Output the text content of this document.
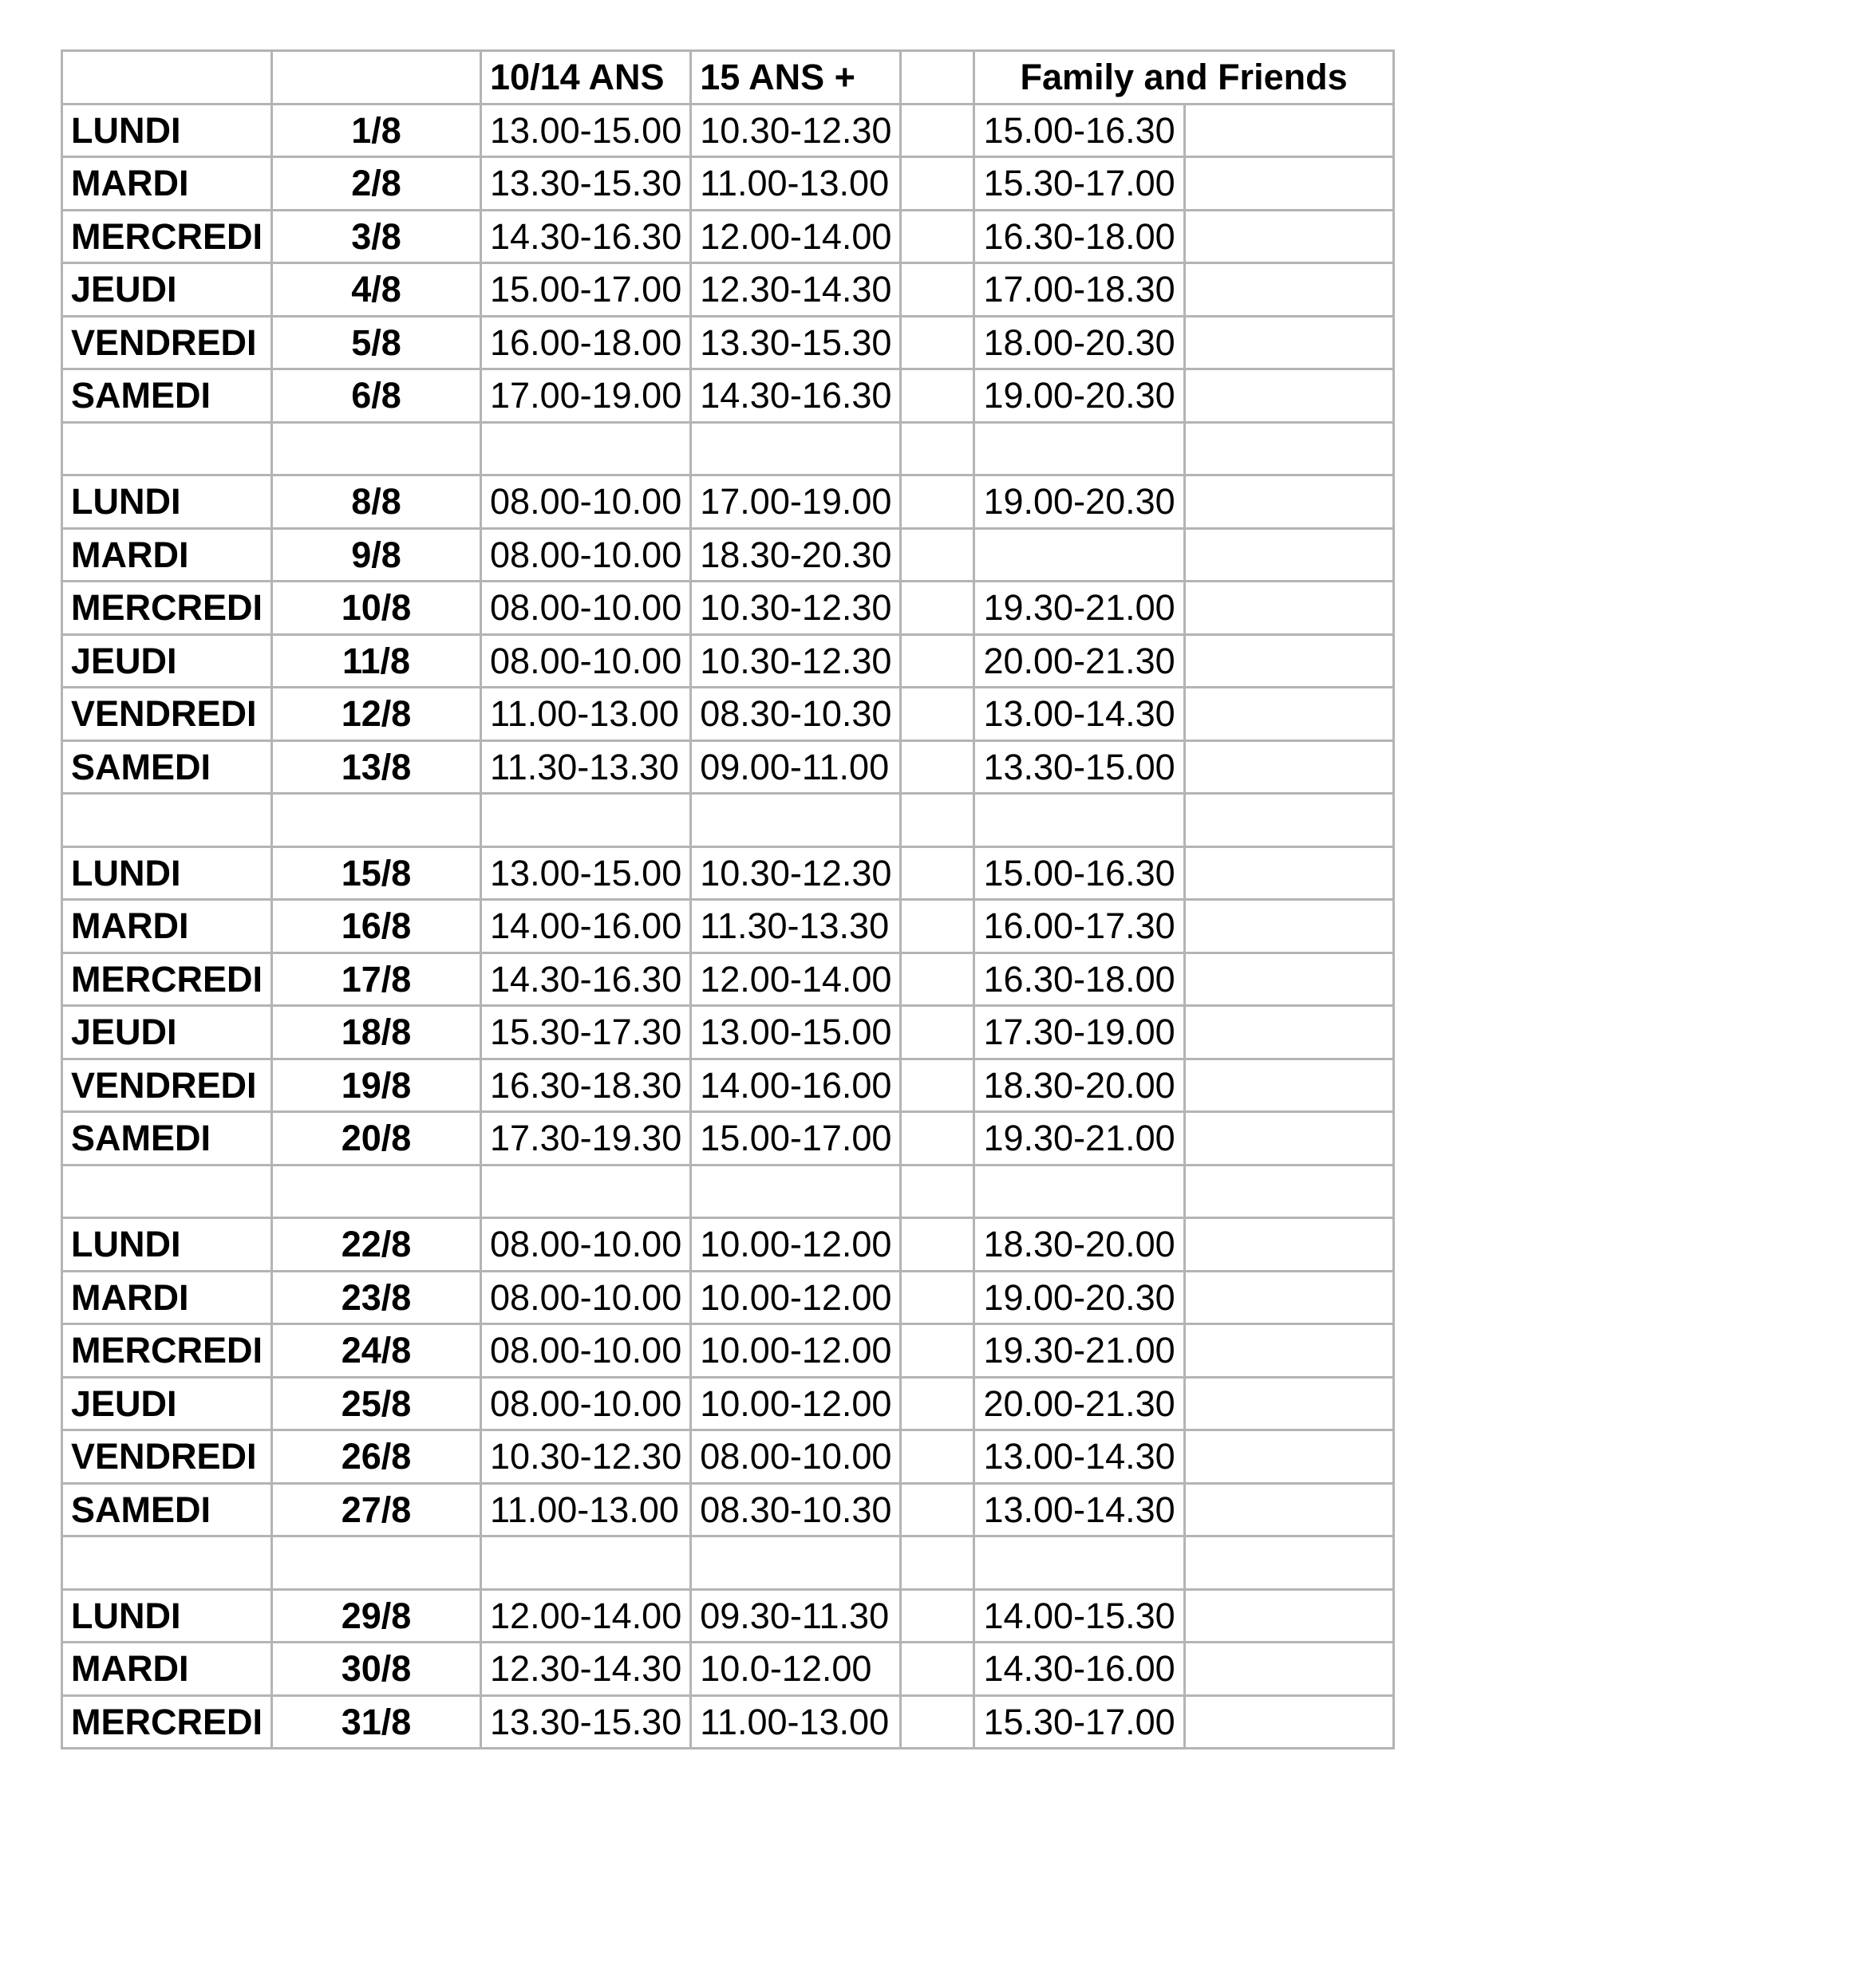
		10/14 ANS	15 ANS +		Family and Friends	
LUNDI	1/8	13.00-15.00	10.30-12.30		15.00-16.30	
MARDI	2/8	13.30-15.30	11.00-13.00		15.30-17.00	
MERCREDI	3/8	14.30-16.30	12.00-14.00		16.30-18.00	
JEUDI	4/8	15.00-17.00	12.30-14.30		17.00-18.30	
VENDREDI	5/8	16.00-18.00	13.30-15.30		18.00-20.30	
SAMEDI	6/8	17.00-19.00	14.30-16.30		19.00-20.30	

LUNDI	8/8	08.00-10.00	17.00-19.00		19.00-20.30	
MARDI	9/8	08.00-10.00	18.30-20.30			
MERCREDI	10/8	08.00-10.00	10.30-12.30		19.30-21.00	
JEUDI	11/8	08.00-10.00	10.30-12.30		20.00-21.30	
VENDREDI	12/8	11.00-13.00	08.30-10.30		13.00-14.30	
SAMEDI	13/8	11.30-13.30	09.00-11.00		13.30-15.00	

LUNDI	15/8	13.00-15.00	10.30-12.30		15.00-16.30	
MARDI	16/8	14.00-16.00	11.30-13.30		16.00-17.30	
MERCREDI	17/8	14.30-16.30	12.00-14.00		16.30-18.00	
JEUDI	18/8	15.30-17.30	13.00-15.00		17.30-19.00	
VENDREDI	19/8	16.30-18.30	14.00-16.00		18.30-20.00	
SAMEDI	20/8	17.30-19.30	15.00-17.00		19.30-21.00	

LUNDI	22/8	08.00-10.00	10.00-12.00		18.30-20.00	
MARDI	23/8	08.00-10.00	10.00-12.00		19.00-20.30	
MERCREDI	24/8	08.00-10.00	10.00-12.00		19.30-21.00	
JEUDI	25/8	08.00-10.00	10.00-12.00		20.00-21.30	
VENDREDI	26/8	10.30-12.30	08.00-10.00		13.00-14.30	
SAMEDI	27/8	11.00-13.00	08.30-10.30		13.00-14.30	

LUNDI	29/8	12.00-14.00	09.30-11.30		14.00-15.30	
MARDI	30/8	12.30-14.30	10.0-12.00		14.30-16.00	
MERCREDI	31/8	13.30-15.30	11.00-13.00		15.30-17.00	
